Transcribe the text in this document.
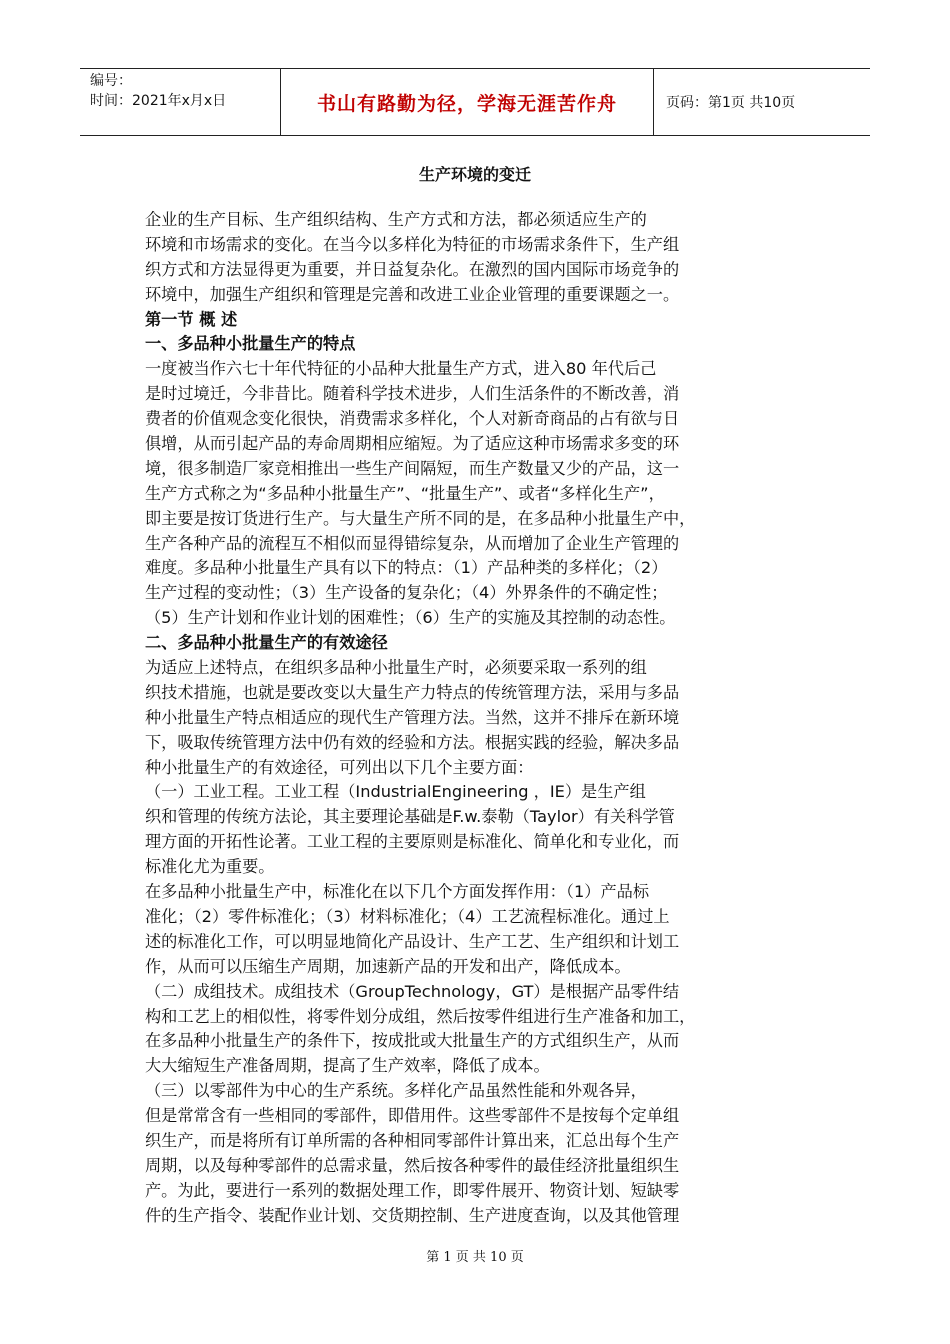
编号：
时间：2021年x月x日	书山有路勤为径，学海无涯苦作舟	页码：第1页 共10页
生产环境的变迁
企业的生产目标、生产组织结构、生产方式和方法，都必须适应生产的
环境和市场需求的变化。在当今以多样化为特征的市场需求条件下，生产组
织方式和方法显得更为重要，并日益复杂化。在激烈的国内国际市场竞争的
环境中，加强生产组织和管理是完善和改进工业企业管理的重要课题之一。
第一节 概 述
一、多品种小批量生产的特点
一度被当作六七十年代特征的小品种大批量生产方式，进入80 年代后己
是时过境迁，今非昔比。随着科学技术进步，人们生活条件的不断改善，消
费者的价值观念变化很快，消费需求多样化，个人对新奇商品的占有欲与日
俱增，从而引起产品的寿命周期相应缩短。为了适应这种市场需求多变的环
境，很多制造厂家竞相推出一些生产间隔短，而生产数量又少的产品，这一
生产方式称之为“多品种小批量生产”、“批量生产”、或者“多样化生产”，
即主要是按订货进行生产。与大量生产所不同的是，在多品种小批量生产中，
生产各种产品的流程互不相似而显得错综复杂，从而增加了企业生产管理的
难度。多品种小批量生产具有以下的特点：（1）产品种类的多样化；（2）
生产过程的变动性；（3）生产设备的复杂化；（4）外界条件的不确定性；
（5）生产计划和作业计划的困难性；（6）生产的实施及其控制的动态性。
二、多品种小批量生产的有效途径
为适应上述特点，在组织多品种小批量生产时，必须要采取一系列的组
织技术措施，也就是要改变以大量生产力特点的传统管理方法，采用与多品
种小批量生产特点相适应的现代生产管理方法。当然，这并不排斥在新环境
下，吸取传统管理方法中仍有效的经验和方法。根据实践的经验，解决多品
种小批量生产的有效途径，可列出以下几个主要方面：
（一）工业工程。工业工程（IndustrialEngineering ，IE）是生产组
织和管理的传统方法论，其主要理论基础是F.w.泰勒（Taylor）有关科学管
理方面的开拓性论著。工业工程的主要原则是标准化、简单化和专业化，而
标准化尤为重要。
在多品种小批量生产中，标准化在以下几个方面发挥作用：（1）产品标
准化；（2）零件标准化；（3）材料标准化；（4）工艺流程标准化。通过上
述的标准化工作，可以明显地简化产品设计、生产工艺、生产组织和计划工
作，从而可以压缩生产周期，加速新产品的开发和出产，降低成本。
（二）成组技术。成组技术（GroupTechnology，GT）是根据产品零件结
构和工艺上的相似性，将零件划分成组，然后按零件组进行生产准备和加工，
在多品种小批量生产的条件下，按成批或大批量生产的方式组织生产，从而
大大缩短生产准备周期，提高了生产效率，降低了成本。
（三）以零部件为中心的生产系统。多样化产品虽然性能和外观各异，
但是常常含有一些相同的零部件，即借用件。这些零部件不是按每个定单组
织生产，而是将所有订单所需的各种相同零部件计算出来，汇总出每个生产
周期，以及每种零部件的总需求量，然后按各种零件的最佳经济批量组织生
产。为此，要进行一系列的数据处理工作，即零件展开、物资计划、短缺零
件的生产指令、装配作业计划、交货期控制、生产进度查询，以及其他管理
第 1 页 共 10 页
